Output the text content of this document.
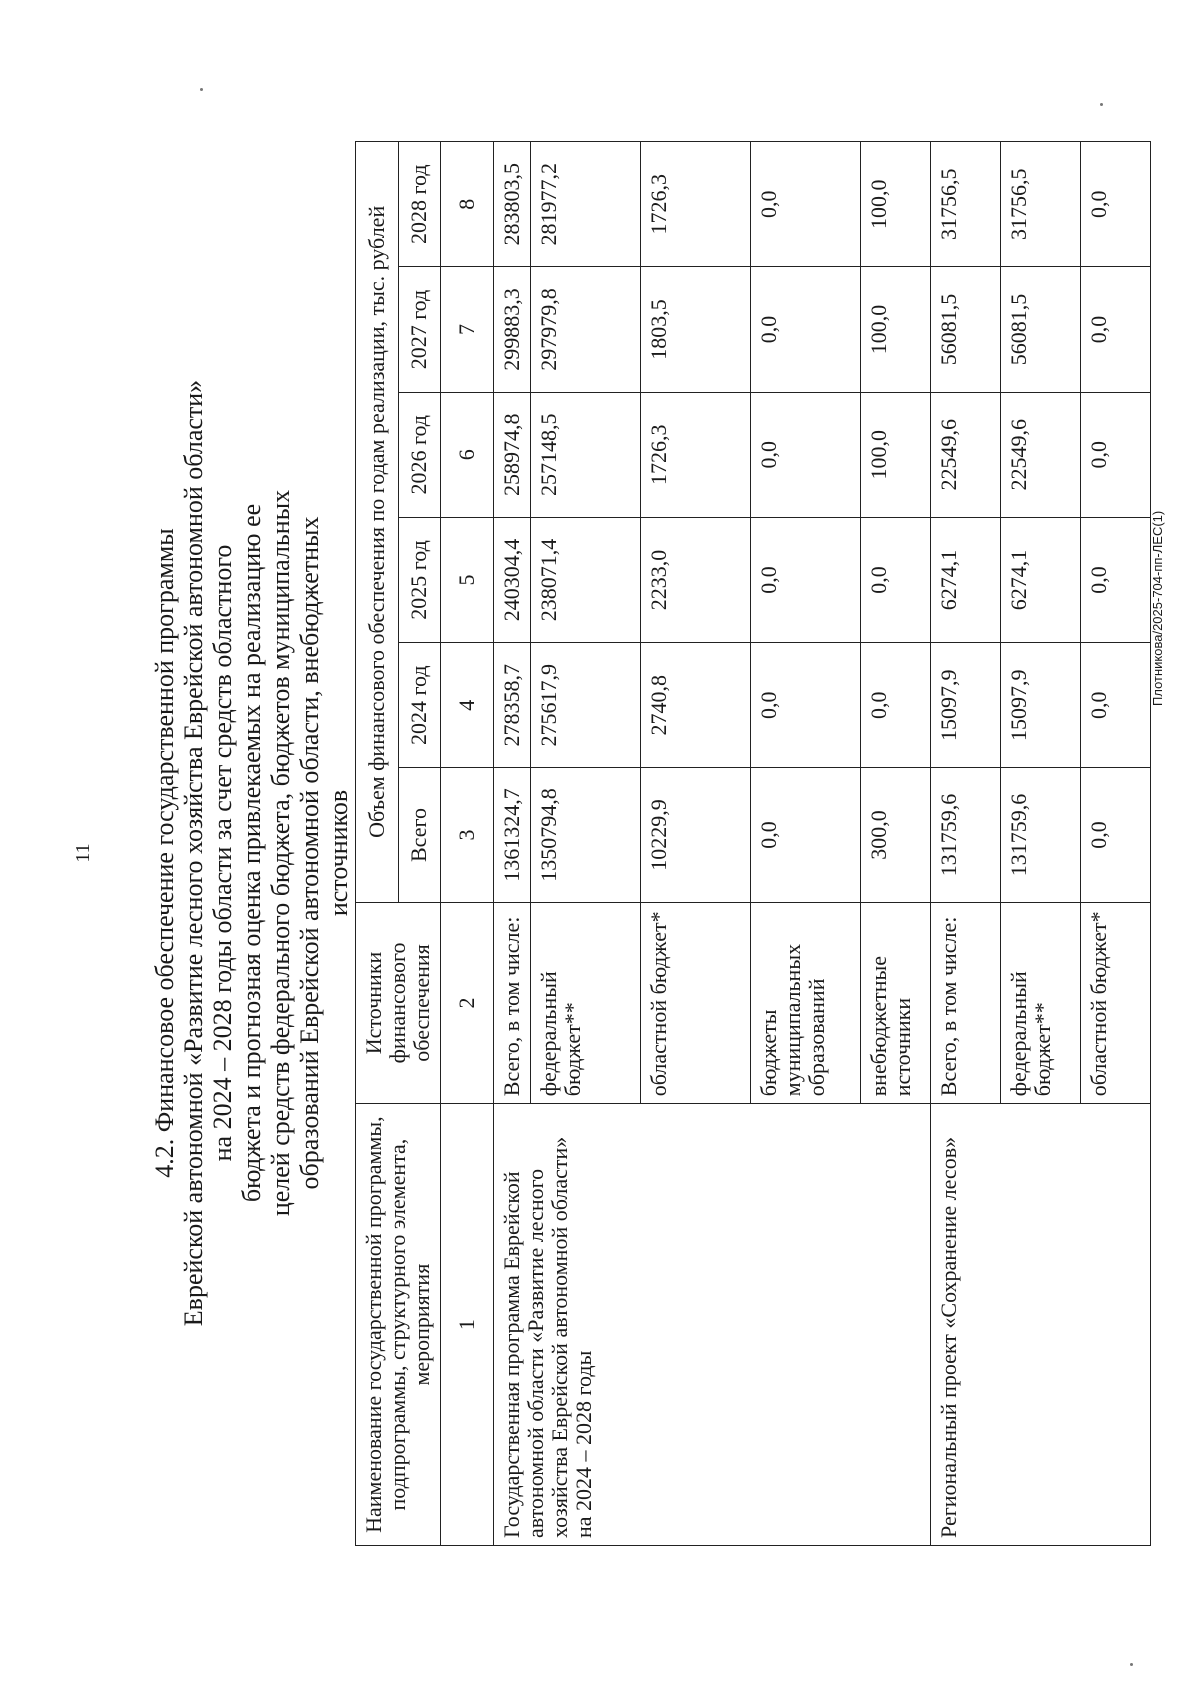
11 4.2. Финансовое обеспечение государственной программы Еврейской автономной «Развитие лесного хозяйства Еврейской автономной области» на 2024 – 2028 годы области за счет средств областного бюджета и прогнозная оценка привлекаемых на реализацию ее целей средств федерального бюджета, бюджетов муниципальных образований Еврейской автономной области, внебюджетных источников
Наименование государственной программы, подпрограммы, структурного элемента, мероприятия	Источники финансового обеспечения	Объем финансового обеспечения по годам реализации, тыс. рублей					
		Всего	2024 год	2025 год	2026 год	2027 год	2028 год
1	2	3	4	5	6	7	8
Государственная программа Еврейской автономной области «Развитие лесного хозяйства Еврейской автономной области» на 2024 – 2028 годы	Всего, в том числе:	1361324,7	278358,7	240304,4	258974,8	299883,3	283803,5
	федеральный бюджет**	1350794,8	275617,9	238071,4	257148,5	297979,8	281977,2
	областной бюджет*	10229,9	2740,8	2233,0	1726,3	1803,5	1726,3
	бюджеты муниципальных образований	0,0	0,0	0,0	0,0	0,0	0,0
	внебюджетные источники	300,0	0,0	0,0	100,0	100,0	100,0
Региональный проект «Сохранение лесов»	Всего, в том числе:	131759,6	15097,9	6274,1	22549,6	56081,5	31756,5
	федеральный бюджет**	131759,6	15097,9	6274,1	22549,6	56081,5	31756,5
	областной бюджет*	0,0	0,0	0,0	0,0	0,0	0,0
Плотникова/2025-704-пп-ЛЕС(1)
